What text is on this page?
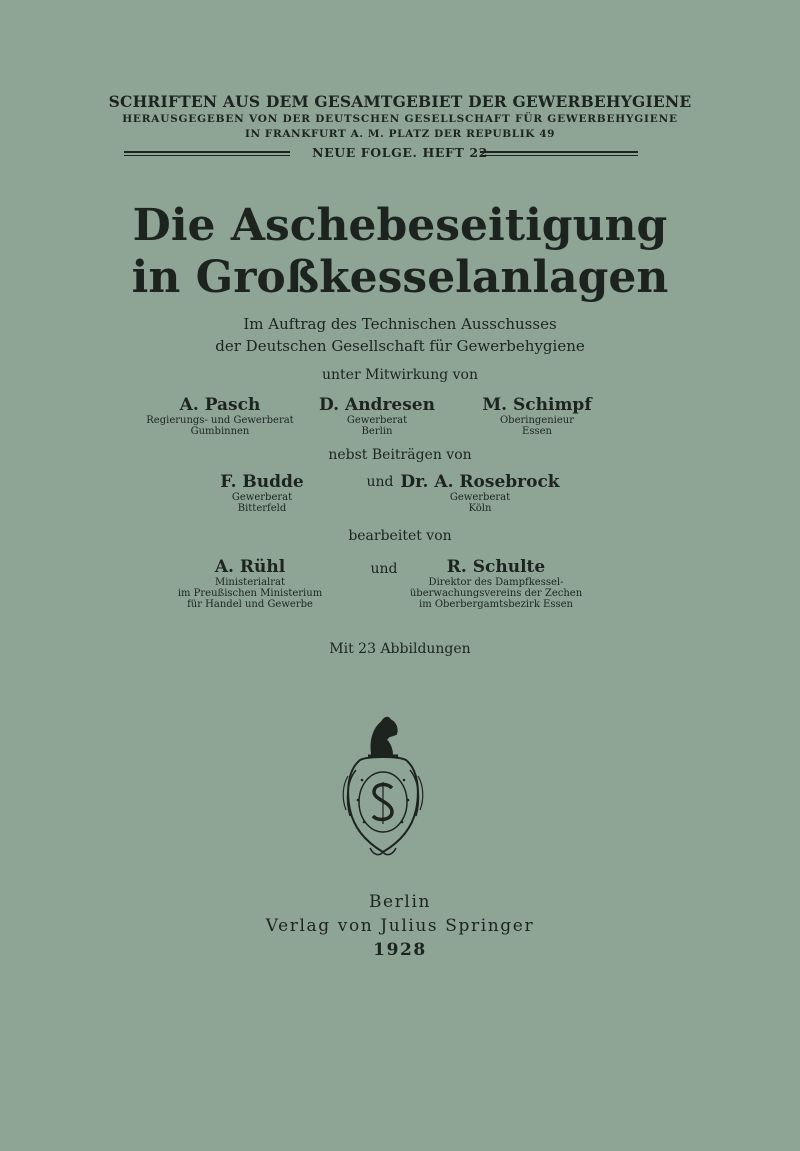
SCHRIFTEN AUS DEM GESAMTGEBIET DER GEWERBEHYGIENE
HERAUSGEGEBEN VON DER DEUTSCHEN GESELLSCHAFT FÜR GEWERBEHYGIENE
IN FRANKFURT A. M. PLATZ DER REPUBLIK 49
NEUE FOLGE. HEFT 22
Die Aschebeseitigung
in Großkesselanlagen
Im Auftrag des Technischen Ausschusses
der Deutschen Gesellschaft für Gewerbehygiene
unter Mitwirkung von
A. Pasch
Regierungs- und Gewerberat
Gumbinnen
D. Andresen
Gewerberat
Berlin
M. Schimpf
Oberingenieur
Essen
nebst Beiträgen von
F. Budde
Gewerberat
Bitterfeld
und Dr. A. Rosebrock
Gewerberat
Köln
bearbeitet von
A. Rühl
Ministerialrat
im Preußischen Ministerium
für Handel und Gewerbe
und	R. Schulte
Direktor des Dampfkessel-
überwachungsvereins der Zechen
im Oberbergamtsbezirk Essen
Mit 23 Abbildungen
Berlin
Verlag von Julius Springer
1928
